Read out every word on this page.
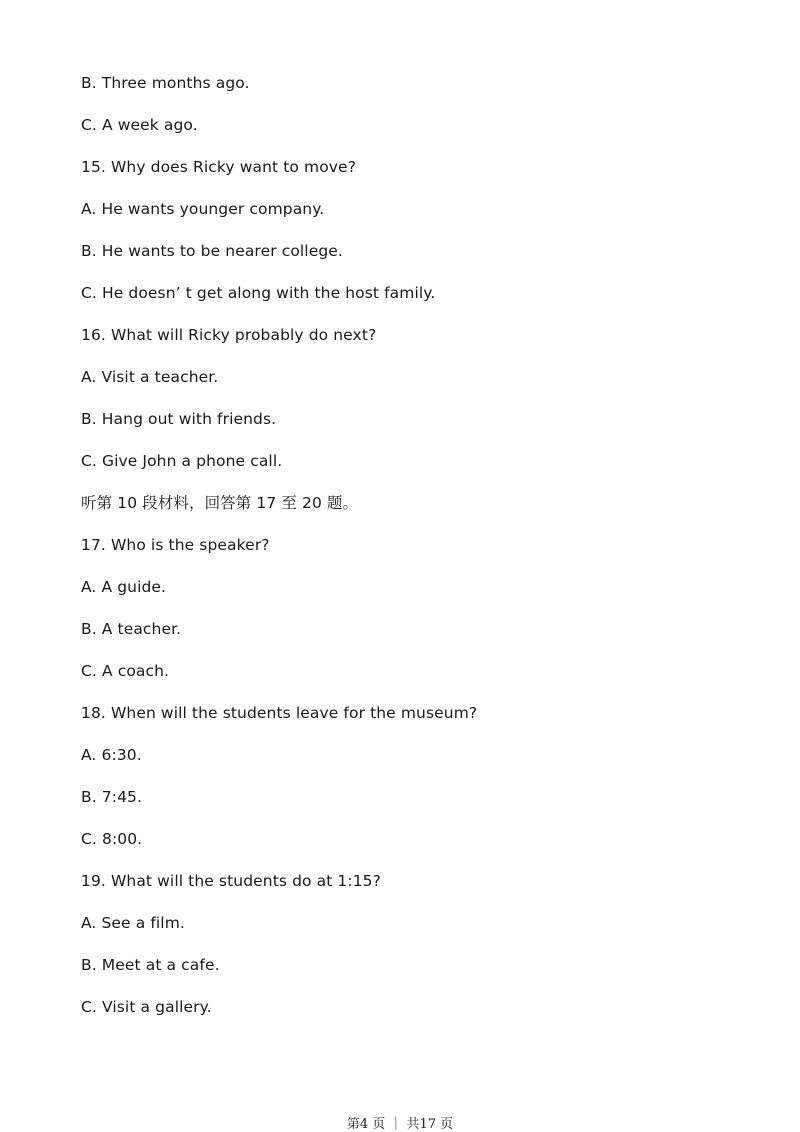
B. Three months ago.
C. A week ago.
15. Why does Ricky want to move?
A. He wants younger company.
B. He wants to be nearer college.
C. He doesn’ t get along with the host family.
16. What will Ricky probably do next?
A. Visit a teacher.
B. Hang out with friends.
C. Give John a phone call.
听第 10 段材料，回答第 17 至 20 题。
17. Who is the speaker?
A. A guide.
B. A teacher.
C. A coach.
18. When will the students leave for the museum?
A. 6:30.
B. 7:45.
C. 8:00.
19. What will the students do at 1:15?
A. See a film.
B. Meet at a cafe.
C. Visit a gallery.
第4 页 ｜ 共17 页
